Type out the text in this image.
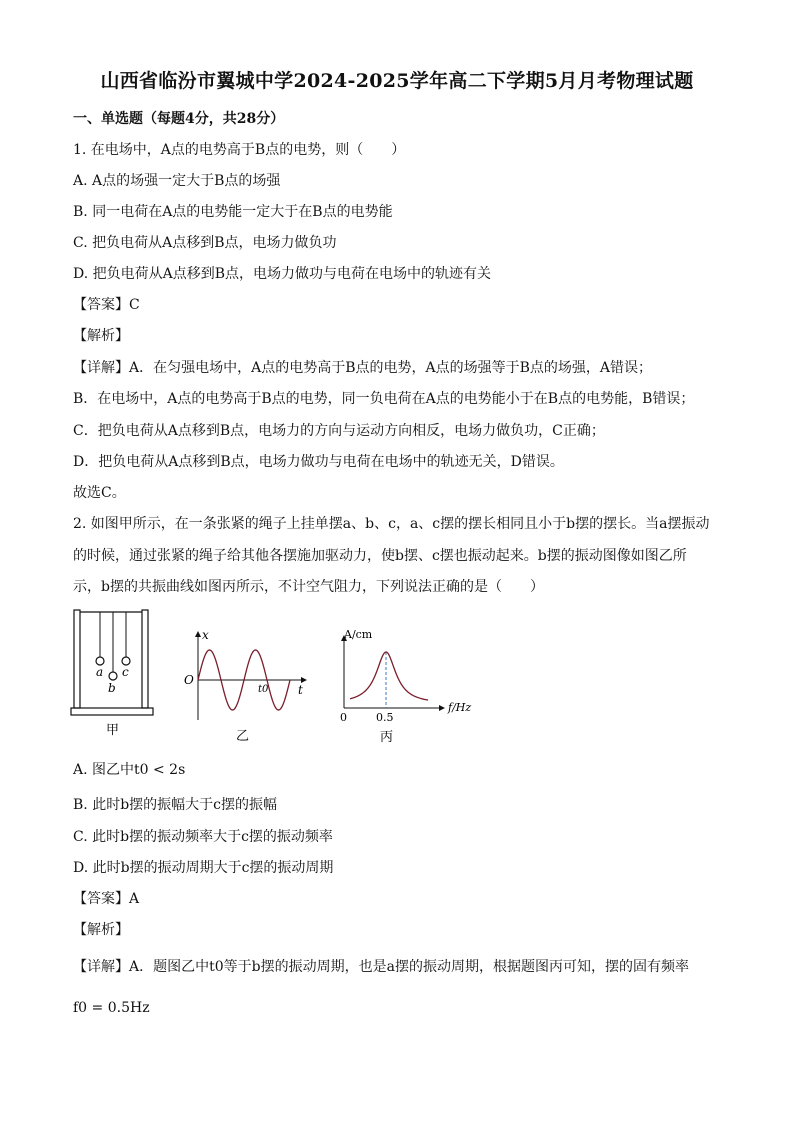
山西省临汾市翼城中学2024-2025学年高二下学期5月月考物理试题
一、单选题（每题4分，共28分）
1. 在电场中，A点的电势高于B点的电势，则（　　）
A. A点的场强一定大于B点的场强
B. 同一电荷在A点的电势能一定大于在B点的电势能
C. 把负电荷从A点移到B点，电场力做负功
D. 把负电荷从A点移到B点，电场力做功与电荷在电场中的轨迹有关
【答案】C
【解析】
【详解】A．在匀强电场中，A点的电势高于B点的电势，A点的场强等于B点的场强，A错误；
B．在电场中，A点的电势高于B点的电势，同一负电荷在A点的电势能小于在B点的电势能，B错误；
C．把负电荷从A点移到B点，电场力的方向与运动方向相反，电场力做负功，C正确；
D．把负电荷从A点移到B点，电场力做功与电荷在电场中的轨迹无关，D错误。
故选C。
2. 如图甲所示，在一条张紧的绳子上挂单摆a、b、c，a、c摆的摆长相同且小于b摆的摆长。当a摆振动
的时候，通过张紧的绳子给其他各摆施加驱动力，使b摆、c摆也振动起来。b摆的振动图像如图乙所
示，b摆的共振曲线如图丙所示，不计空气阻力，下列说法正确的是（　　）
a
b
c
甲
x
t
O
t0
乙
A/cm
f/Hz
0	0.5
丙
A. 图乙中t0 < 2s
B. 此时b摆的振幅大于c摆的振幅
C. 此时b摆的振动频率大于c摆的振动频率
D. 此时b摆的振动周期大于c摆的振动周期
【答案】A
【解析】
【详解】A．题图乙中t0等于b摆的振动周期，也是a摆的振动周期，根据题图丙可知，摆的固有频率
f0 = 0.5Hz
